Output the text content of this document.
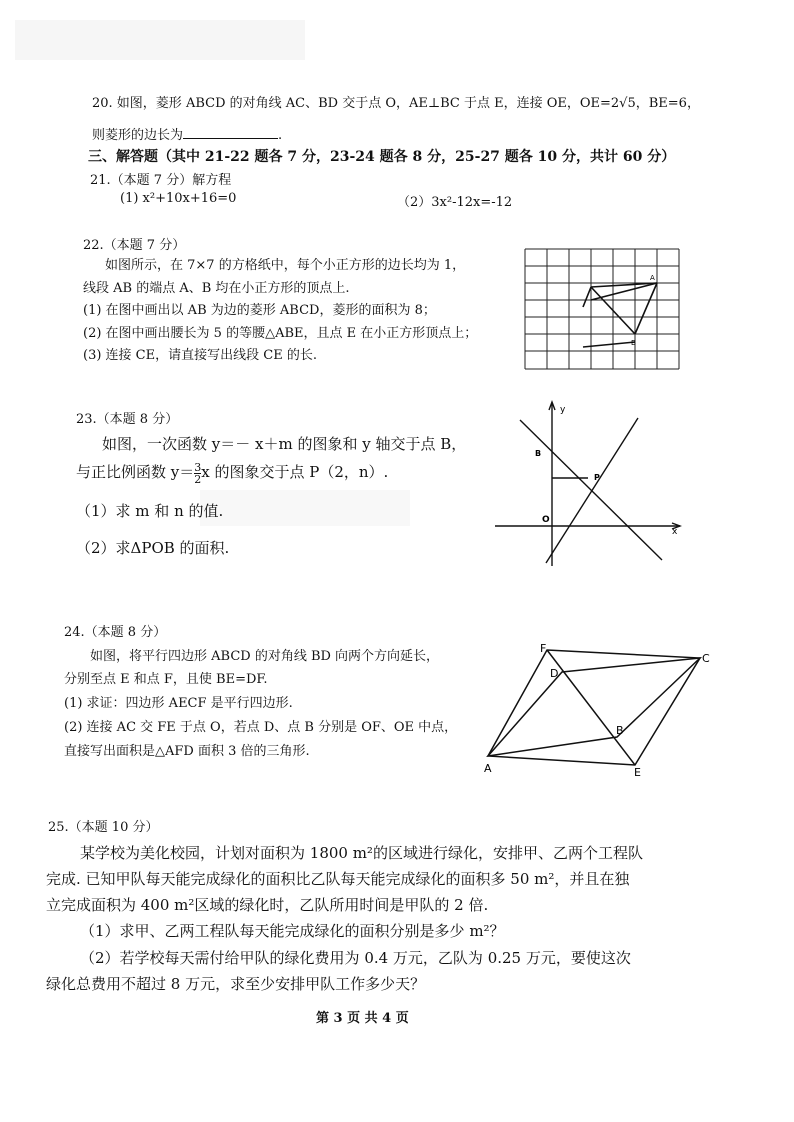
20. 如图，菱形 ABCD 的对角线 AC、BD 交于点 O，AE⊥BC 于点 E，连接 OE，OE=2√5，BE=6，
则菱形的边长为	.
三、解答题（其中 21-22 题各 7 分，23-24 题各 8 分，25-27 题各 10 分，共计 60 分）
21.（本题 7 分）解方程
(1) x²+10x+16=0	（2）3x²-12x=-12
22.（本题 7 分）
如图所示，在 7×7 的方格纸中，每个小正方形的边长均为 1，
线段 AB 的端点 A、B 均在小正方形的顶点上.
(1) 在图中画出以 AB 为边的菱形 ABCD，菱形的面积为 8；
(2) 在图中画出腰长为 5 的等腰△ABE，且点 E 在小正方形顶点上；
(3) 连接 CE，请直接写出线段 CE 的长.
A
B
23.（本题 8 分）
如图，一次函数 y＝－ x＋m 的图象和 y 轴交于点 B，
与正比例函数 $y= \frac{3}{2}$ x 的图象交于点 P（2，n）.
（1）求 m 和 n 的值.
（2）求ΔPOB 的面积.
y
x
B
P
O
24.（本题 8 分）
如图，将平行四边形 ABCD 的对角线 BD 向两个方向延长，
分别至点 E 和点 F，且使 BE=DF.
(1) 求证：四边形 AECF 是平行四边形.
(2) 连接 AC 交 FE 于点 O，若点 D、点 B 分别是 OF、OE 中点，
直接写出面积是△AFD 面积 3 倍的三角形.
F
C
D
B
A	E
25.（本题 10 分）
某学校为美化校园，计划对面积为 1800 m²的区域进行绿化，安排甲、乙两个工程队
完成. 已知甲队每天能完成绿化的面积比乙队每天能完成绿化的面积多 50 m²，并且在独
立完成面积为 400 m²区域的绿化时，乙队所用时间是甲队的 2 倍.
（1）求甲、乙两工程队每天能完成绿化的面积分别是多少 m²？
（2）若学校每天需付给甲队的绿化费用为 0.4 万元，乙队为 0.25 万元，要使这次
绿化总费用不超过 8 万元，求至少安排甲队工作多少天？
第 3 页 共 4 页
